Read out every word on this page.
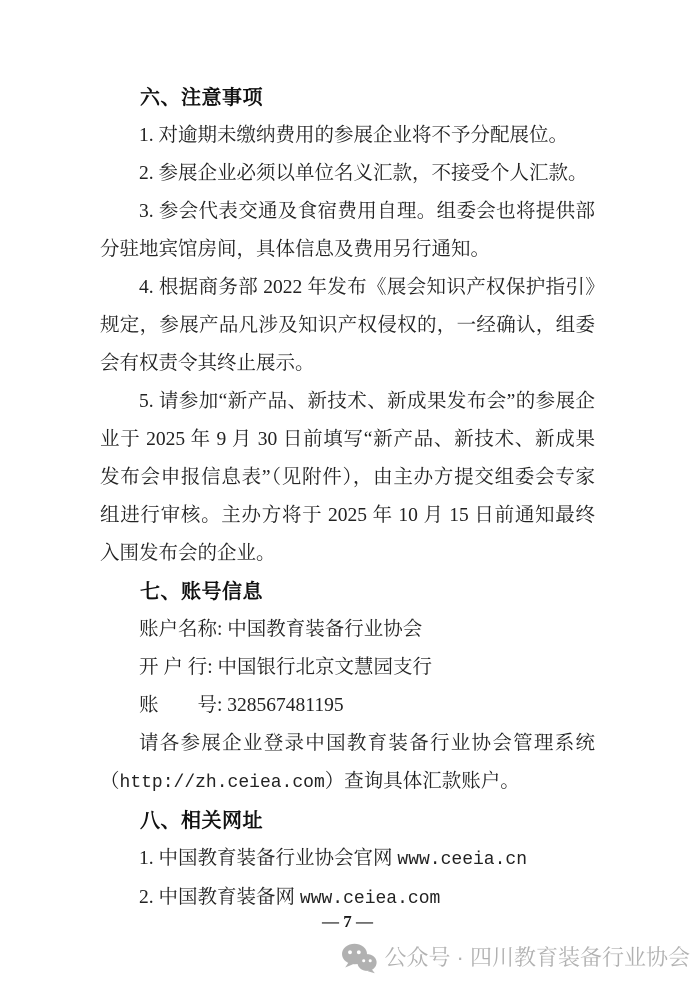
六、注意事项

1. 对逾期未缴纳费用的参展企业将不予分配展位。

2. 参展企业必须以单位名义汇款，不接受个人汇款。

3. 参会代表交通及食宿费用自理。组委会也将提供部分驻地宾馆房间，具体信息及费用另行通知。

4. 根据商务部 2022 年发布《展会知识产权保护指引》规定，参展产品凡涉及知识产权侵权的，一经确认，组委会有权责令其终止展示。

5. 请参加“新产品、新技术、新成果发布会”的参展企业于 2025 年 9 月 30 日前填写“新产品、新技术、新成果发布会申报信息表”（见附件），由主办方提交组委会专家组进行审核。主办方将于 2025 年 10 月 15 日前通知最终入围发布会的企业。

七、账号信息

账户名称: 中国教育装备行业协会

开 户 行: 中国银行北京文慧园支行

账　　号: 328567481195

请各参展企业登录中国教育装备行业协会管理系统（http://zh.ceiea.com）查询具体汇款账户。

八、相关网址

1. 中国教育装备行业协会官网 www.ceeia.cn

2. 中国教育装备网 www.ceiea.com

— 7 —
公众号 · 四川教育装备行业协会
